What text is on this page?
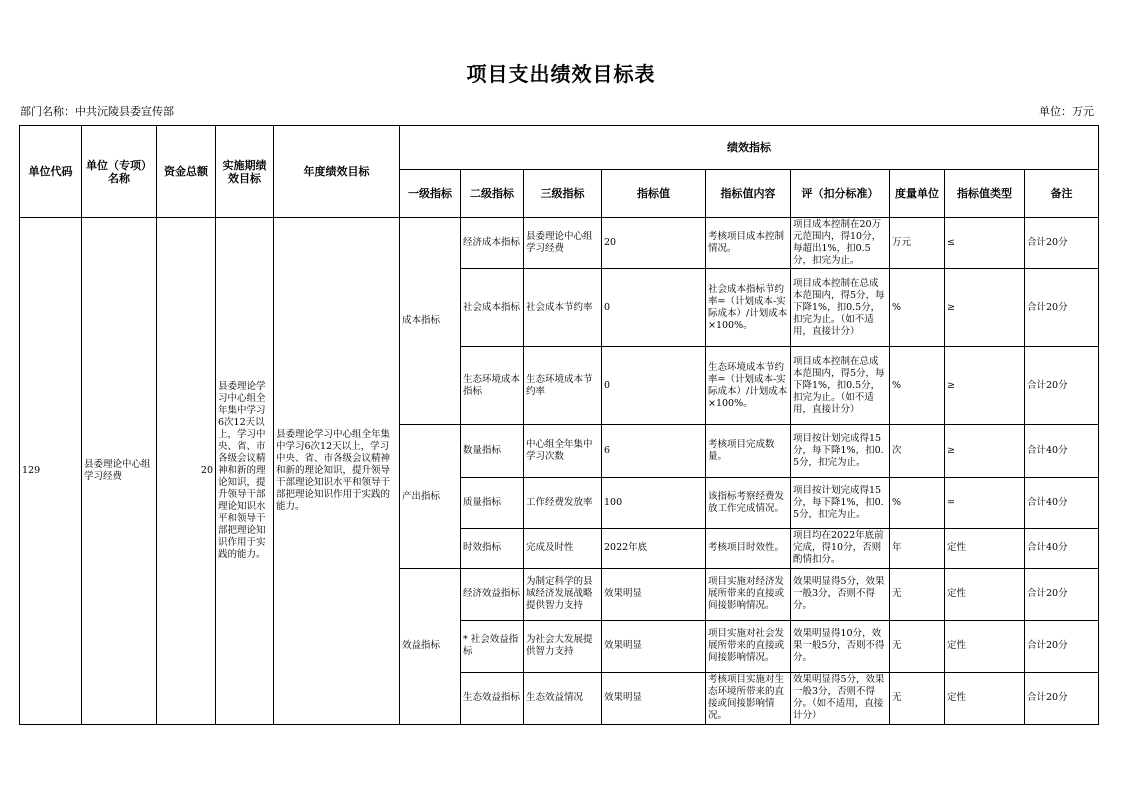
项目支出绩效目标表
部门名称：中共沅陵县委宣传部	单位：万元
单位代码	单位（专项）名称	资金总额	实施期绩效目标	年度绩效目标	绩效指标								
					一级指标	二级指标	三级指标	指标值	指标值内容	评（扣分标准）	度量单位	指标值类型	备注
129	县委理论中心组学习经费	20	县委理论学习中心组全年集中学习6次12天以上，学习中央、省、市各级会议精神和新的理论知识，提升领导干部理论知识水平和领导干部把理论知识作用于实践的能力。	县委理论学习中心组全年集中学习6次12天以上，学习中央、省、市各级会议精神和新的理论知识，提升领导干部理论知识水平和领导干部把理论知识作用于实践的能力。	成本指标	经济成本指标	县委理论中心组学习经费	20	考核项目成本控制情况。	项目成本控制在20万元范围内，得10分，每超出1%，扣0.5分，扣完为止。	万元	≤	合计20分
						社会成本指标	社会成本节约率	0	社会成本指标节约率=（计划成本-实际成本）/计划成本×100%。	项目成本控制在总成本范围内，得5分，每下降1%，扣0.5分，扣完为止。（如不适用，直接计分）	%	≥	合计20分
						生态环境成本指标	生态环境成本节约率	0	生态环境成本节约率=（计划成本-实际成本）/计划成本×100%。	项目成本控制在总成本范围内，得5分，每下降1%，扣0.5分，扣完为止。（如不适用，直接计分）	%	≥	合计20分
					产出指标	数量指标	中心组全年集中学习次数	6	考核项目完成数量。	项目按计划完成得15分，每下降1%，扣0.5分，扣完为止。	次	≥	合计40分
						质量指标	工作经费发放率	100	该指标考察经费发放工作完成情况。	项目按计划完成得15分，每下降1%，扣0.5分，扣完为止。	%	=	合计40分
						时效指标	完成及时性	2022年底	考核项目时效性。	项目均在2022年底前完成，得10分，否则酌情扣分。	年	定性	合计40分
					效益指标	经济效益指标	为制定科学的县域经济发展战略提供智力支持	效果明显	项目实施对经济发展所带来的直接或间接影响情况。	效果明显得5分，效果一般3分，否则不得分。	无	定性	合计20分
						* 社会效益指标	为社会大发展提供智力支持	效果明显	项目实施对社会发展所带来的直接或间接影响情况。	效果明显得10分，效果一般5分，否则不得分。	无	定性	合计20分
						生态效益指标	生态效益情况	效果明显	考核项目实施对生态环境所带来的直接或间接影响情况。	效果明显得5分，效果一般3分，否则不得分。（如不适用，直接计分）	无	定性	合计20分
